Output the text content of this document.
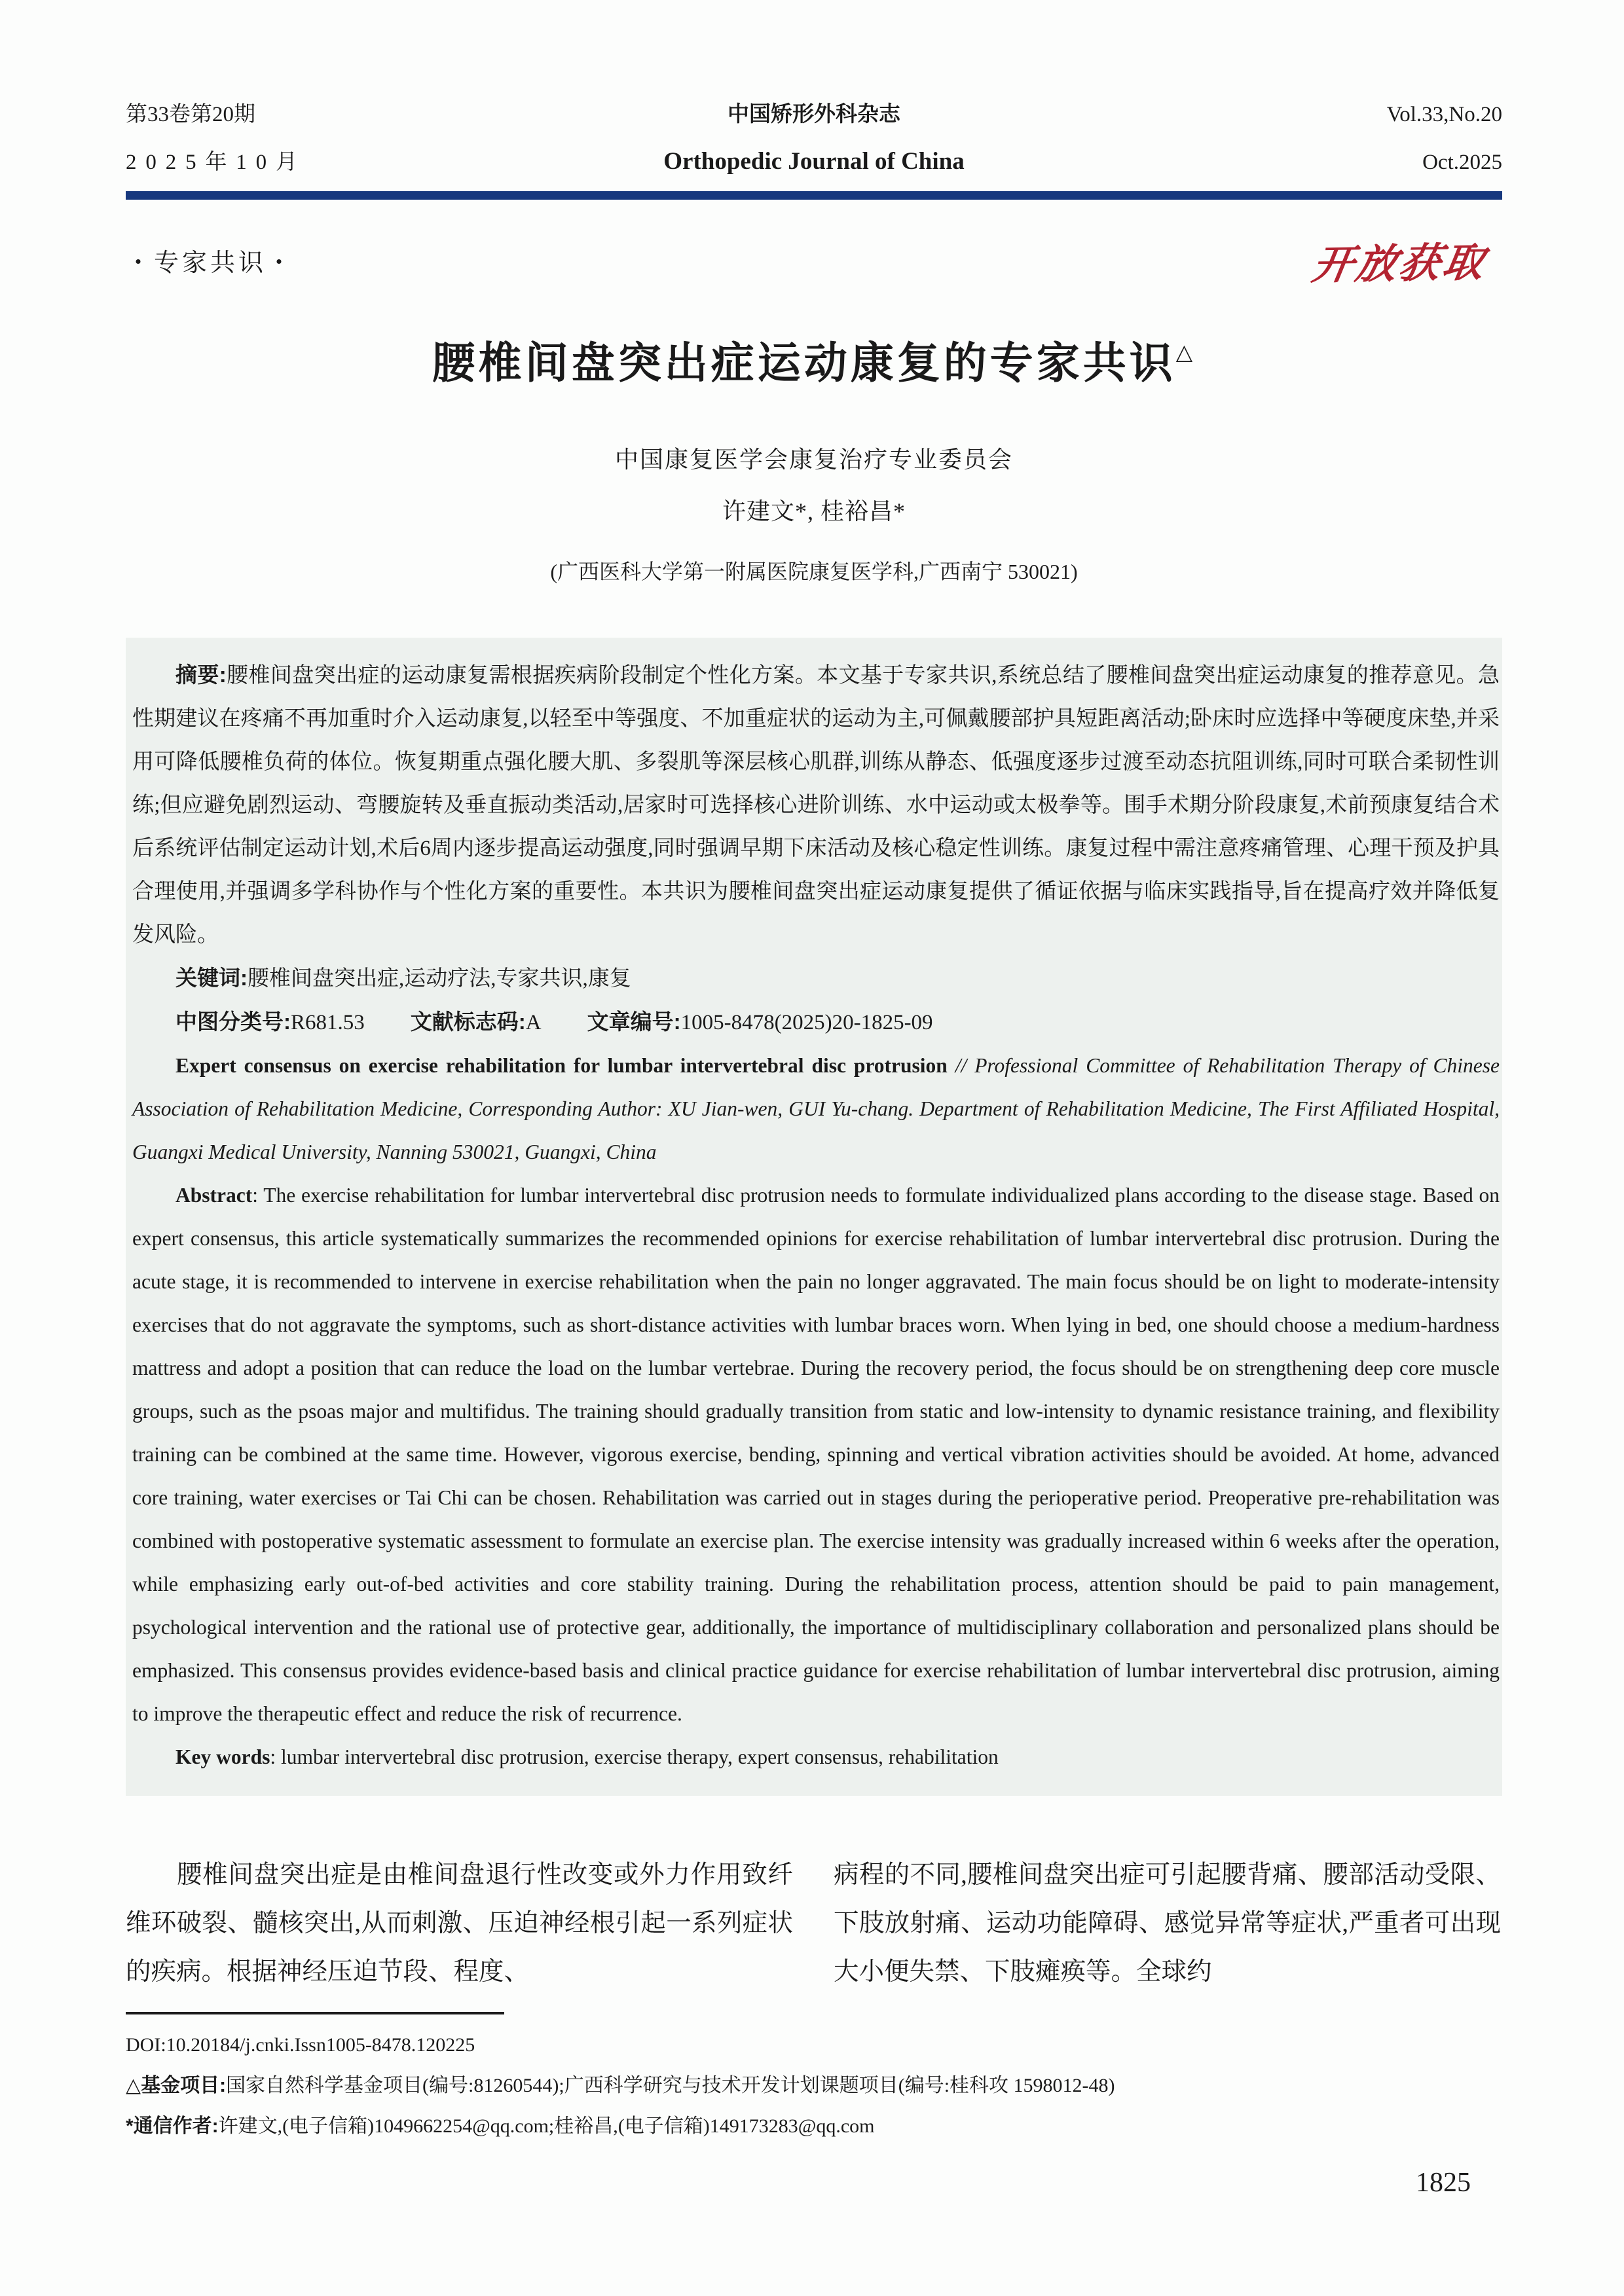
第33卷第20期	中国矫形外科杂志	Vol.33,No.20
2025年10月	Orthopedic Journal of China	Oct.2025
・专家共识・	开放获取
腰椎间盘突出症运动康复的专家共识△
中国康复医学会康复治疗专业委员会
许建文*, 桂裕昌*
(广西医科大学第一附属医院康复医学科,广西南宁 530021)

摘要:腰椎间盘突出症的运动康复需根据疾病阶段制定个性化方案。本文基于专家共识,系统总结了腰椎间盘突出症运动康复的推荐意见。急性期建议在疼痛不再加重时介入运动康复,以轻至中等强度、不加重症状的运动为主,可佩戴腰部护具短距离活动;卧床时应选择中等硬度床垫,并采用可降低腰椎负荷的体位。恢复期重点强化腰大肌、多裂肌等深层核心肌群,训练从静态、低强度逐步过渡至动态抗阻训练,同时可联合柔韧性训练;但应避免剧烈运动、弯腰旋转及垂直振动类活动,居家时可选择核心进阶训练、水中运动或太极拳等。围手术期分阶段康复,术前预康复结合术后系统评估制定运动计划,术后6周内逐步提高运动强度,同时强调早期下床活动及核心稳定性训练。康复过程中需注意疼痛管理、心理干预及护具合理使用,并强调多学科协作与个性化方案的重要性。本共识为腰椎间盘突出症运动康复提供了循证依据与临床实践指导,旨在提高疗效并降低复发风险。

关键词:腰椎间盘突出症,运动疗法,专家共识,康复

中图分类号:R681.53 文献标志码:A 文章编号:1005-8478(2025)20-1825-09

Expert consensus on exercise rehabilitation for lumbar intervertebral disc protrusion // Professional Committee of Rehabilitation Therapy of Chinese Association of Rehabilitation Medicine, Corresponding Author: XU Jian-wen, GUI Yu-chang. Department of Rehabilitation Medicine, The First Affiliated Hospital, Guangxi Medical University, Nanning 530021, Guangxi, China

Abstract: The exercise rehabilitation for lumbar intervertebral disc protrusion needs to formulate individualized plans according to the disease stage. Based on expert consensus, this article systematically summarizes the recommended opinions for exercise rehabilitation of lumbar intervertebral disc protrusion. During the acute stage, it is recommended to intervene in exercise rehabilitation when the pain no longer aggravated. The main focus should be on light to moderate-intensity exercises that do not aggravate the symptoms, such as short-distance activities with lumbar braces worn. When lying in bed, one should choose a medium-hardness mattress and adopt a position that can reduce the load on the lumbar vertebrae. During the recovery period, the focus should be on strengthening deep core muscle groups, such as the psoas major and multifidus. The training should gradually transition from static and low-intensity to dynamic resistance training, and flexibility training can be combined at the same time. However, vigorous exercise, bending, spinning and vertical vibration activities should be avoided. At home, advanced core training, water exercises or Tai Chi can be chosen. Rehabilitation was carried out in stages during the perioperative period. Preoperative pre-rehabilitation was combined with postoperative systematic assessment to formulate an exercise plan. The exercise intensity was gradually increased within 6 weeks after the operation, while emphasizing early out-of-bed activities and core stability training. During the rehabilitation process, attention should be paid to pain management, psychological intervention and the rational use of protective gear, additionally, the importance of multidisciplinary collaboration and personalized plans should be emphasized. This consensus provides evidence-based basis and clinical practice guidance for exercise rehabilitation of lumbar intervertebral disc protrusion, aiming to improve the therapeutic effect and reduce the risk of recurrence.

Key words: lumbar intervertebral disc protrusion, exercise therapy, expert consensus, rehabilitation

腰椎间盘突出症是由椎间盘退行性改变或外力作用致纤维环破裂、髓核突出,从而刺激、压迫神经根引起一系列症状的疾病。根据神经压迫节段、程度、

病程的不同,腰椎间盘突出症可引起腰背痛、腰部活动受限、下肢放射痛、运动功能障碍、感觉异常等症状,严重者可出现大小便失禁、下肢瘫痪等。全球约

DOI:10.20184/j.cnki.Issn1005-8478.120225

△基金项目:国家自然科学基金项目(编号:81260544);广西科学研究与技术开发计划课题项目(编号:桂科攻 1598012-48)

*通信作者:许建文,(电子信箱)1049662254@qq.com;桂裕昌,(电子信箱)149173283@qq.com

1825
